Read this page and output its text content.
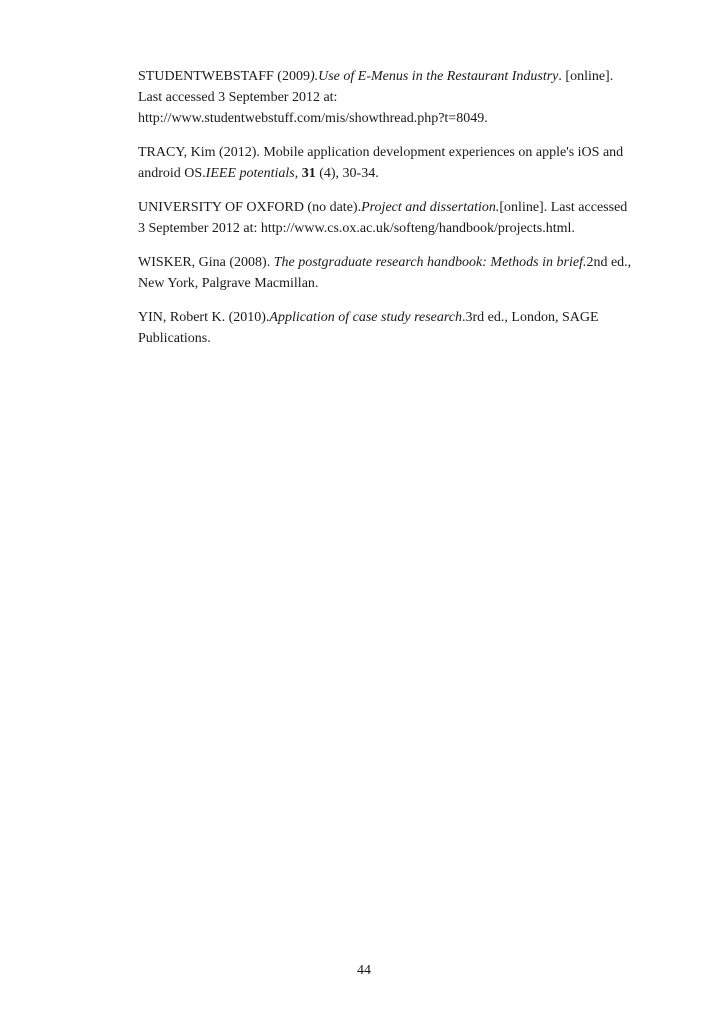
STUDENTWEBSTAFF (2009).Use of E-Menus in the Restaurant Industry. [online].
Last accessed 3 September 2012 at:
http://www.studentwebstuff.com/mis/showthread.php?t=8049.

TRACY, Kim (2012). Mobile application development experiences on apple's iOS and
android OS.IEEE potentials, 31 (4), 30-34.

UNIVERSITY OF OXFORD (no date).Project and dissertation.[online]. Last accessed
3 September 2012 at: http://www.cs.ox.ac.uk/softeng/handbook/projects.html.

WISKER, Gina (2008). The postgraduate research handbook: Methods in brief.2nd ed.,
New York, Palgrave Macmillan.

YIN, Robert K. (2010).Application of case study research.3rd ed., London, SAGE
Publications.

44
